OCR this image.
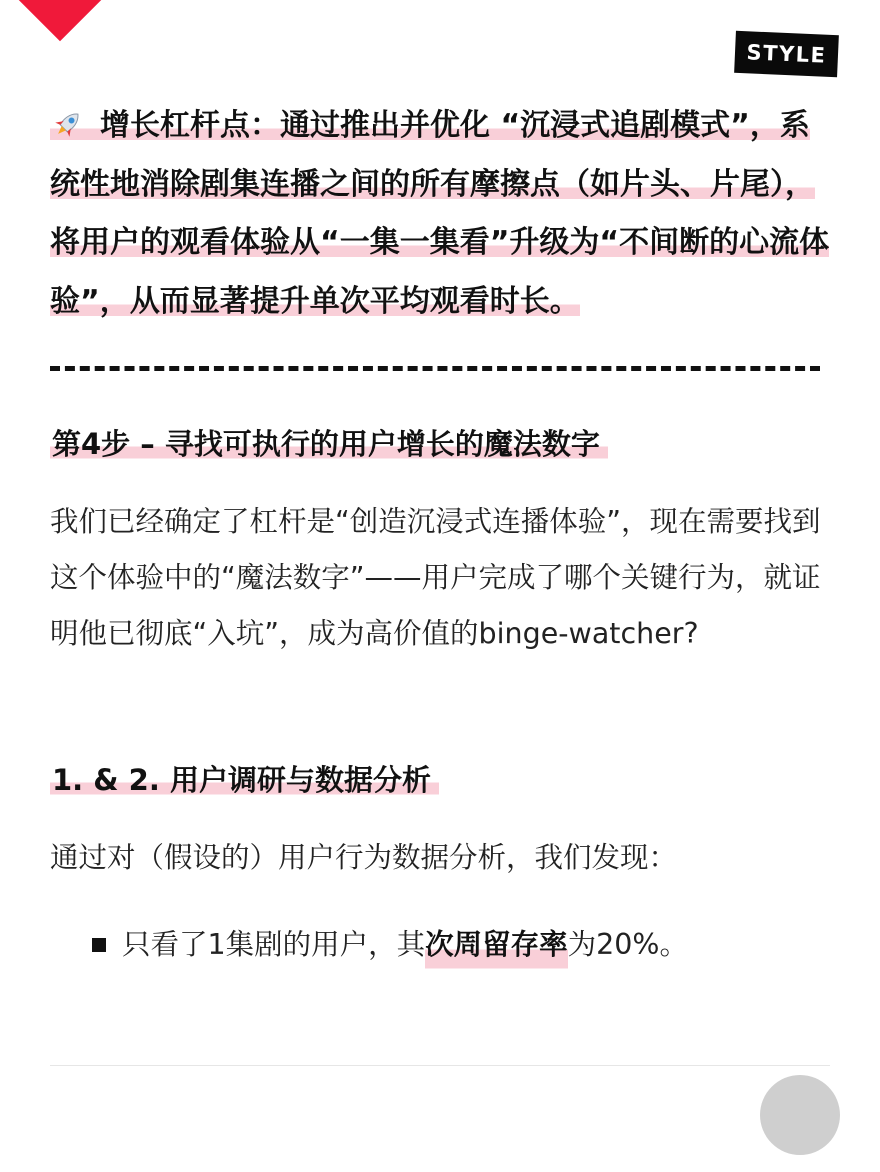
STYLE

增长杠杆点：通过推出并优化 “沉浸式追剧模式”，系统性地消除剧集连播之间的所有摩擦点（如片头、片尾），将用户的观看体验从“一集一集看”升级为“不间断的心流体验”，从而显著提升单次平均观看时长。

第4步 – 寻找可执行的用户增长的魔法数字

我们已经确定了杠杆是“创造沉浸式连播体验”，现在需要找到这个体验中的“魔法数字”——用户完成了哪个关键行为，就证明他已彻底“入坑”，成为高价值的binge-watcher?

1. & 2. 用户调研与数据分析

通过对（假设的）用户行为数据分析，我们发现：

只看了1集剧的用户，其 次周留存率 为20%。
